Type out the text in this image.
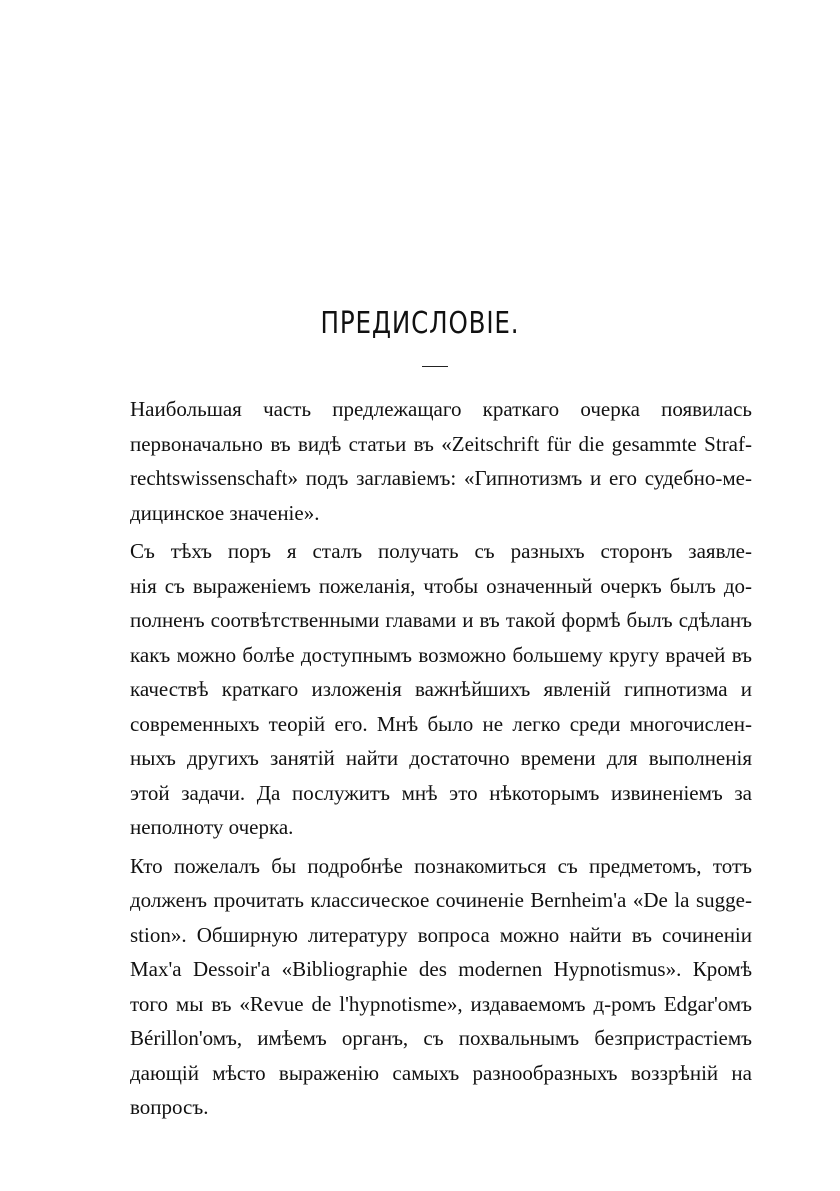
ПРЕДИСЛОВІЕ.
Наибольшая часть предлежащаго краткаго очерка появилась
первоначально въ видѣ статьи въ «Zeitschrift für die gesammte Straf-
rechtswissenschaft» подъ заглавіемъ: «Гипнотизмъ и его судебно-ме-
дицинское значеніе».
Съ тѣхъ поръ я сталъ получать съ разныхъ сторонъ заявле-
нія съ выраженіемъ пожеланія, чтобы означенный очеркъ былъ до-
полненъ соотвѣтственными главами и въ такой формѣ былъ сдѣланъ
какъ можно болѣе доступнымъ возможно большему кругу врачей въ
качествѣ краткаго изложенія важнѣйшихъ явленій гипнотизма и
современныхъ теорій его. Мнѣ было не легко среди многочислен-
ныхъ другихъ занятій найти достаточно времени для выполненія
этой задачи. Да послужитъ мнѣ это нѣкоторымъ извиненіемъ за
неполноту очерка.
Кто пожелалъ бы подробнѣе познакомиться съ предметомъ, тотъ
долженъ прочитать классическое сочиненіе Bernheim'a «De la sugge-
stion». Обширную литературу вопроса можно найти въ сочиненіи
Max'a Dessoir'a «Bibliographie des modernen Hypnotismus». Кромѣ
того мы въ «Revue de l'hypnotisme», издаваемомъ д-ромъ Edgar'омъ
Bérillon'омъ, имѣемъ органъ, съ похвальнымъ безпристрастіемъ
дающій мѣсто выраженію самыхъ разнообразныхъ воззрѣній на
вопросъ.
